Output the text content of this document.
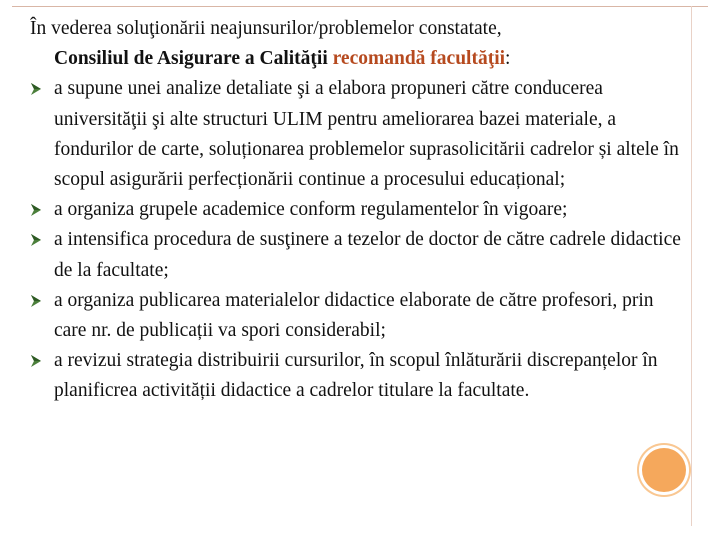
În vederea soluţionării neajunsurilor/problemelor constatate,
Consiliul de Asigurare a Calităţii recomandă facultăţii:

a supune unei analize detaliate şi a elabora propuneri către conducerea universităţii şi alte structuri ULIM pentru ameliorarea bazei materiale, a fondurilor de carte, soluționarea problemelor suprasolicitării cadrelor și altele în scopul asigurării perfecționării continue a procesului educațional;
a organiza grupele academice conform regulamentelor în vigoare;
a intensifica procedura de susţinere a tezelor de doctor de către cadrele didactice de la facultate;
a organiza publicarea materialelor didactice elaborate de către profesori, prin care nr. de publicații va spori considerabil;
a revizui strategia distribuirii cursurilor, în scopul înlăturării discrepanțelor în planificrea activității didactice a cadrelor titulare la facultate.
